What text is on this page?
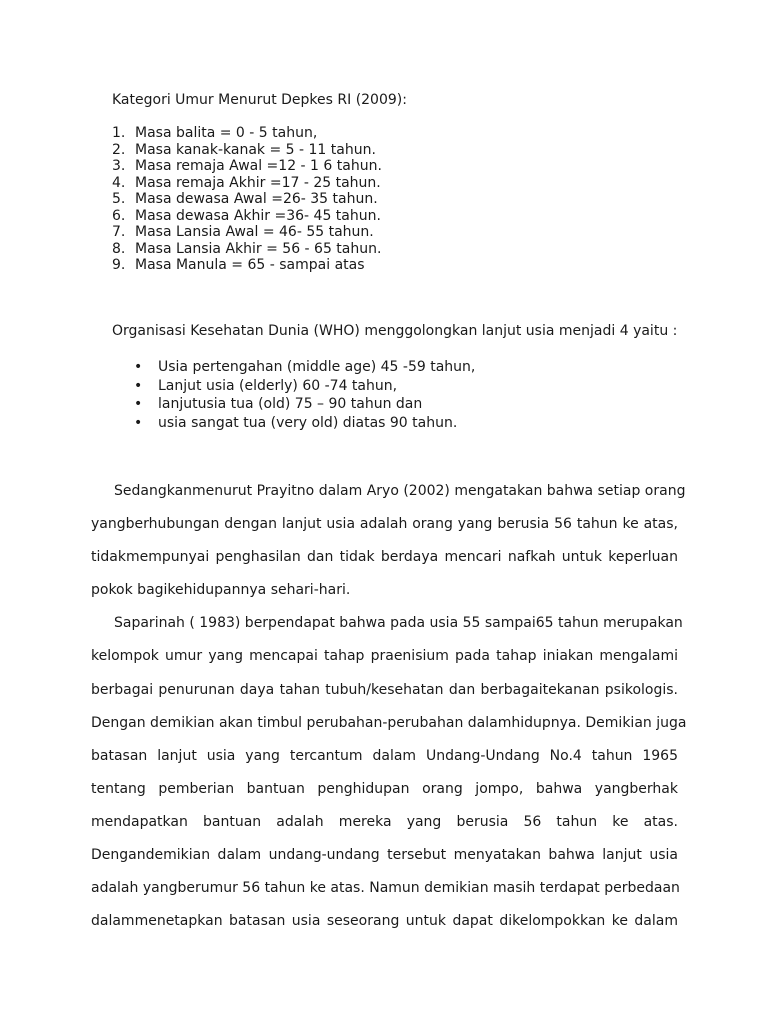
Kategori Umur Menurut Depkes RI (2009):

1. Masa balita = 0 - 5 tahun,
2. Masa kanak-kanak = 5 - 11 tahun.
3. Masa remaja Awal =12 - 1 6 tahun.
4. Masa remaja Akhir =17 - 25 tahun.
5. Masa dewasa Awal =26- 35 tahun.
6. Masa dewasa Akhir =36- 45 tahun.
7. Masa Lansia Awal = 46- 55 tahun.
8. Masa Lansia Akhir = 56 - 65 tahun.
9. Masa Manula = 65 - sampai atas

Organisasi Kesehatan Dunia (WHO) menggolongkan lanjut usia menjadi 4 yaitu :

• Usia pertengahan (middle age) 45 -59 tahun,
• Lanjut usia (elderly) 60 -74 tahun,
• lanjutusia tua (old) 75 – 90 tahun dan
• usia sangat tua (very old) diatas 90 tahun.
Sedangkanmenurut Prayitno dalam Aryo (2002) mengatakan bahwa setiap orang
yangberhubungan dengan lanjut usia adalah orang yang berusia 56 tahun ke atas,
tidakmempunyai penghasilan dan tidak berdaya mencari nafkah untuk keperluan
pokok bagikehidupannya sehari-hari.
Saparinah ( 1983) berpendapat bahwa pada usia 55 sampai65 tahun merupakan
kelompok umur yang mencapai tahap praenisium pada tahap iniakan mengalami
berbagai penurunan daya tahan tubuh/kesehatan dan berbagaitekanan psikologis.
Dengan demikian akan timbul perubahan-perubahan dalamhidupnya. Demikian juga
batasan lanjut usia yang tercantum dalam Undang-Undang No.4 tahun 1965
tentang pemberian bantuan penghidupan orang jompo, bahwa yangberhak
mendapatkan bantuan adalah mereka yang berusia 56 tahun ke atas.
Dengandemikian dalam undang-undang tersebut menyatakan bahwa lanjut usia
adalah yangberumur 56 tahun ke atas. Namun demikian masih terdapat perbedaan
dalammenetapkan batasan usia seseorang untuk dapat dikelompokkan ke dalam
